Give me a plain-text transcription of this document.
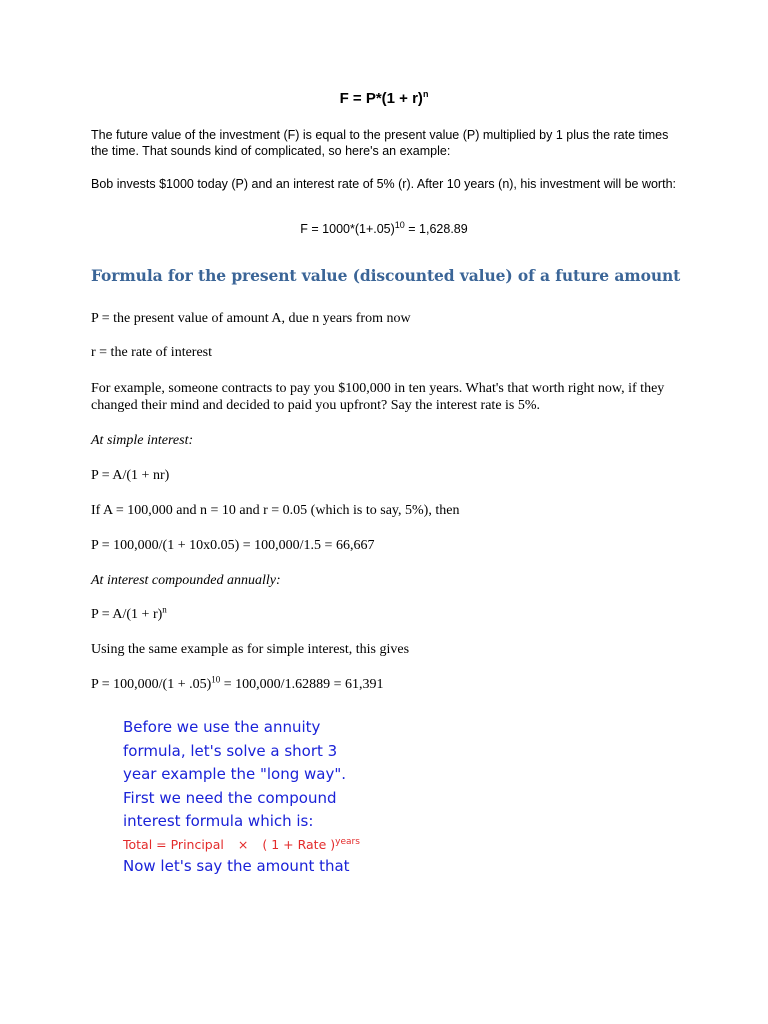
$F = P*(1 + r)^n$
The future value of the investment (F) is equal to the present value (P) multiplied by 1 plus the rate times the time. That sounds kind of complicated, so here's an example:
Bob invests $1000 today (P) and an interest rate of 5% (r). After 10 years (n), his investment will be worth:
$F = 1000*(1+.05)^{10} = 1,628.89$
Formula for the present value (discounted value) of a future amount
P = the present value of amount A, due n years from now
r = the rate of interest
For example, someone contracts to pay you $100,000 in ten years. What's that worth right now, if they changed their mind and decided to paid you upfront? Say the interest rate is 5%.
At simple interest:
P = A/(1 + nr)
If A = 100,000 and n = 10 and r = 0.05 (which is to say, 5%), then
P = 100,000/(1 + 10x0.05) = 100,000/1.5 = 66,667
At interest compounded annually:
$P = A/(1 + r)^n$
Using the same example as for simple interest, this gives
$P = 100,000/(1 + .05)^{10} = 100,000/1.62889 = 61,391$
Before we use the annuity
formula, let's solve a short 3
year example the "long way".
First we need the compound
interest formula which is:
Total = Principal × ( 1 + Rate )$^{years}$
Now let's say the amount that
